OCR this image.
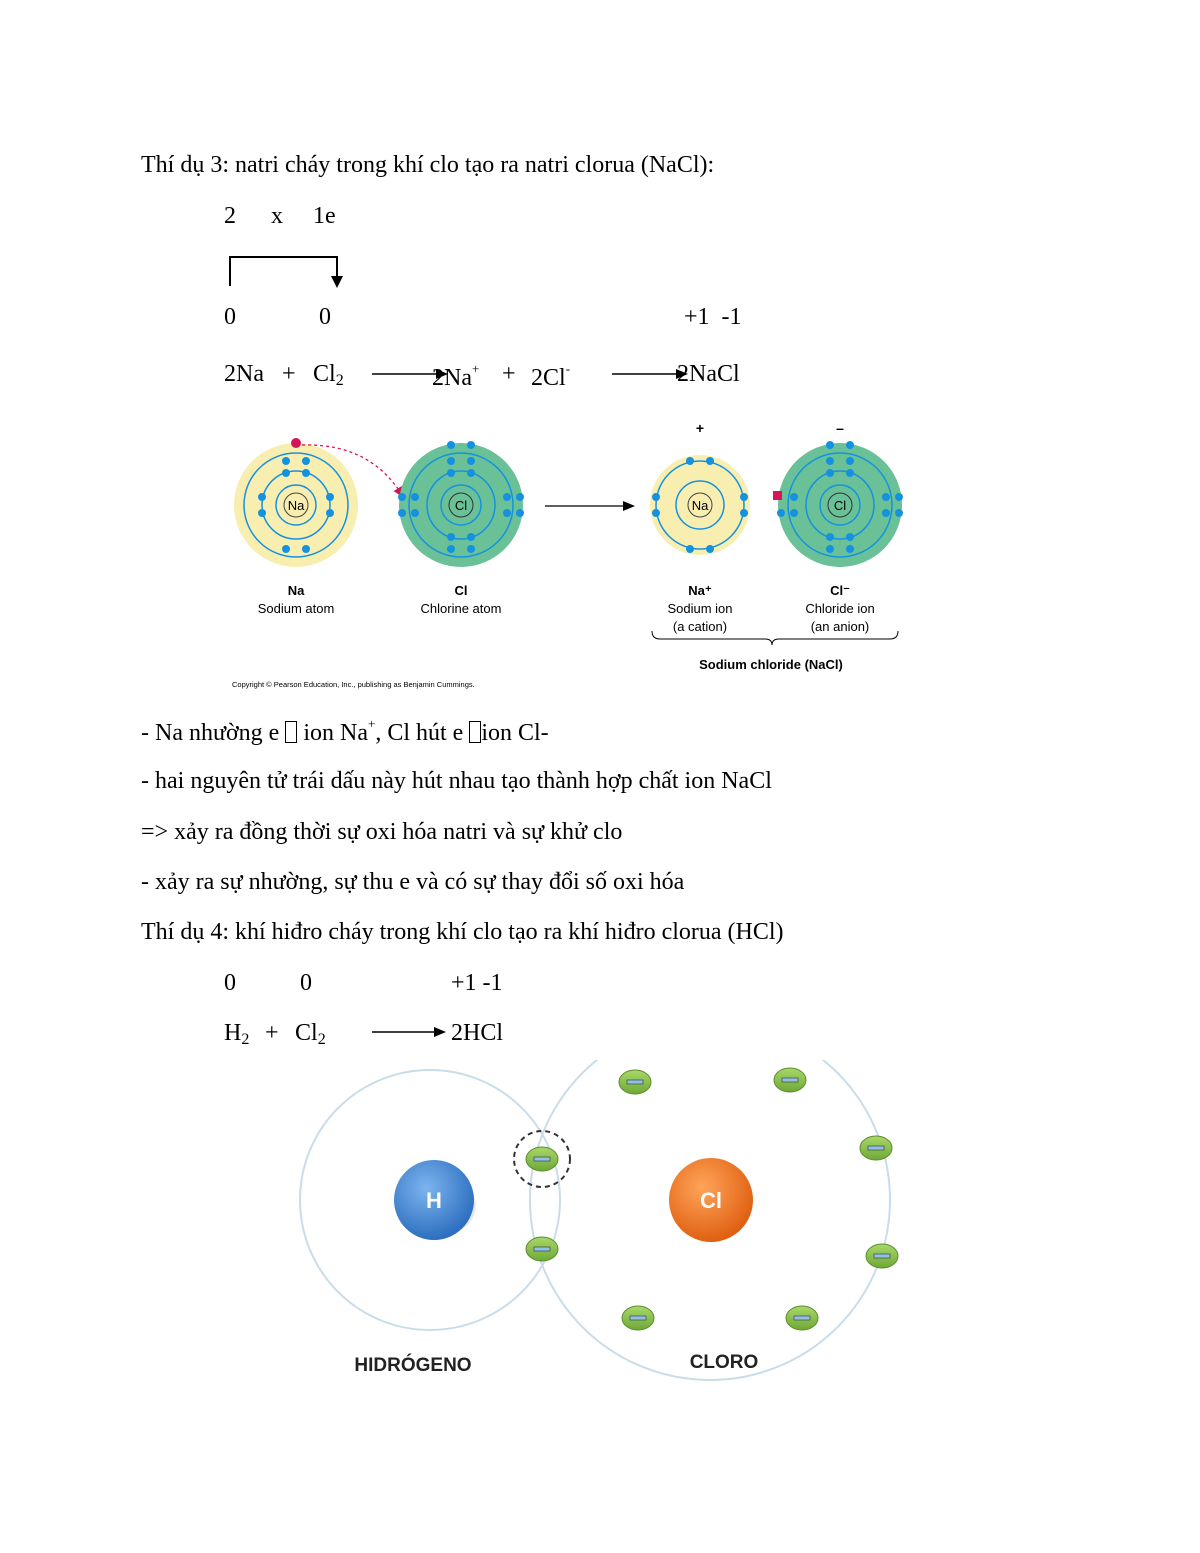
Thí dụ 3: natri cháy trong khí clo tạo ra natri clorua (NaCl):
2 x 1e
0	0	+1  -1
$2Na + Cl_2$	2Na+ + 2Cl-	2NaCl
Na	Cl
+
Na
–
Cl
Na
Sodium atom
Cl
Chlorine atom
Na⁺
Sodium ion
(a cation)
Cl⁻
Chloride ion
(an anion)
Sodium chloride (NaCl)
Copyright © Pearson Education, Inc., publishing as Benjamin Cummings.
- Na nhường e  ion Na+, Cl hút e ion Cl-
- hai nguyên tử trái dấu này hút nhau tạo thành hợp chất ion NaCl
=> xảy ra đồng thời sự oxi hóa natri và sự khử clo
- xảy ra sự nhường, sự thu e và có sự thay đổi số oxi hóa
Thí dụ 4: khí hiđro cháy trong khí clo tạo ra khí hiđro clorua (HCl)
0	0	+1 -1
$H_2 + Cl_2$	2HCl
H	Cl
HIDRÓGENO	CLORO
